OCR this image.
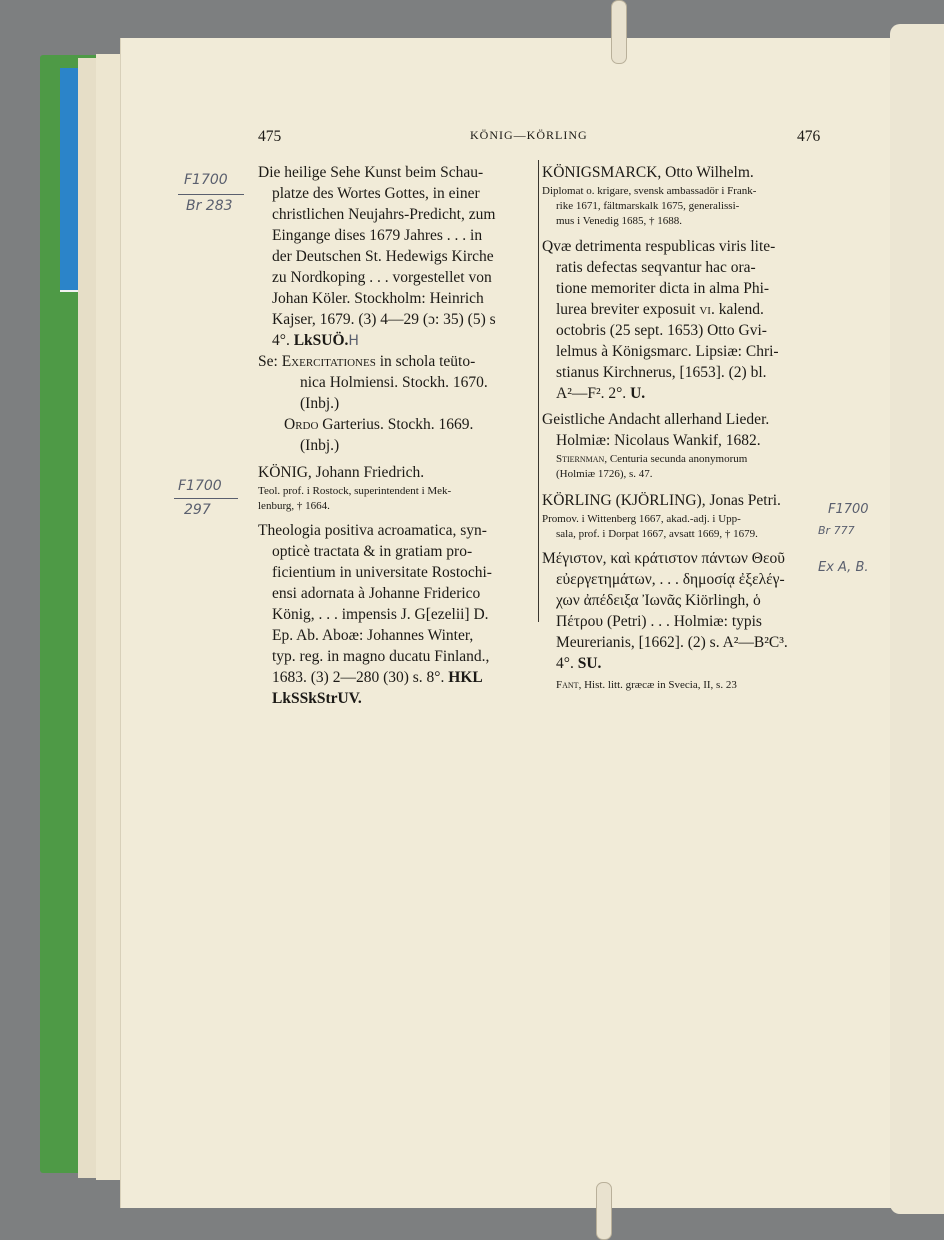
475	KÖNIG—KÖRLING	476
Die heilige Sehe Kunst beim Schau-
platze des Wortes Gottes, in einer
christlichen Neujahrs-Predicht, zum
Eingange dises 1679 Jahres . . . in
der Deutschen St. Hedewigs Kirche
zu Nordkoping . . . vorgestellet von
Johan Köler. Stockholm: Heinrich
Kajser, 1679. (3) 4—29 (ɔ: 35) (5) s
4°. LkSUÖ.H
Se: Exercitationes in schola teüto-
nica Holmiensi. Stockh. 1670.
(Inbj.)
Ordo Garterius. Stockh. 1669.
(Inbj.)
KÖNIG, Johann Friedrich.
Teol. prof. i Rostock, superintendent i Mek-
lenburg, † 1664.
Theologia positiva acroamatica, syn-
opticè tractata & in gratiam pro-
ficientium in universitate Rostochi-
ensi adornata à Johanne Friderico
König, . . . impensis J. G[ezelii] D.
Ep. Ab. Aboæ: Johannes Winter,
typ. reg. in magno ducatu Finland.,
1683. (3) 2—280 (30) s. 8°. HKL
LkSSkStrUV.
KÖNIGSMARCK, Otto Wilhelm.
Diplomat o. krigare, svensk ambassadör i Frank-
rike 1671, fältmarskalk 1675, generalissi-
mus i Venedig 1685, † 1688.
Qvæ detrimenta respublicas viris lite-
ratis defectas seqvantur hac ora-
tione memoriter dicta in alma Phi-
lurea breviter exposuit vi. kalend.
octobris (25 sept. 1653) Otto Gvi-
lelmus à Königsmarc. Lipsiæ: Chri-
stianus Kirchnerus, [1653]. (2) bl.
A²—F². 2°. U.
Geistliche Andacht allerhand Lieder.
Holmiæ: Nicolaus Wankif, 1682.
Stiernman, Centuria secunda anonymorum
(Holmiæ 1726), s. 47.
KÖRLING (KJÖRLING), Jonas Petri.
Promov. i Wittenberg 1667, akad.-adj. i Upp-
sala, prof. i Dorpat 1667, avsatt 1669, † 1679.
Μέγιστον, καὶ κράτιστον πάντων Θεοῦ
εὐεργετημάτων, . . . δημοσίᾳ ἐξελέγ-
χων ἀπέδειξα Ἰωνᾶς Kiörlingh, ὁ
Πέτρου (Petri) . . . Holmiæ: typis
Meurerianis, [1662]. (2) s. A²—B²C³.
4°. SU.
Fant, Hist. litt. græcæ in Svecia, II, s. 23
F1700
Br 283
F1700
297	F1700
Br 777
Ex A, B.
